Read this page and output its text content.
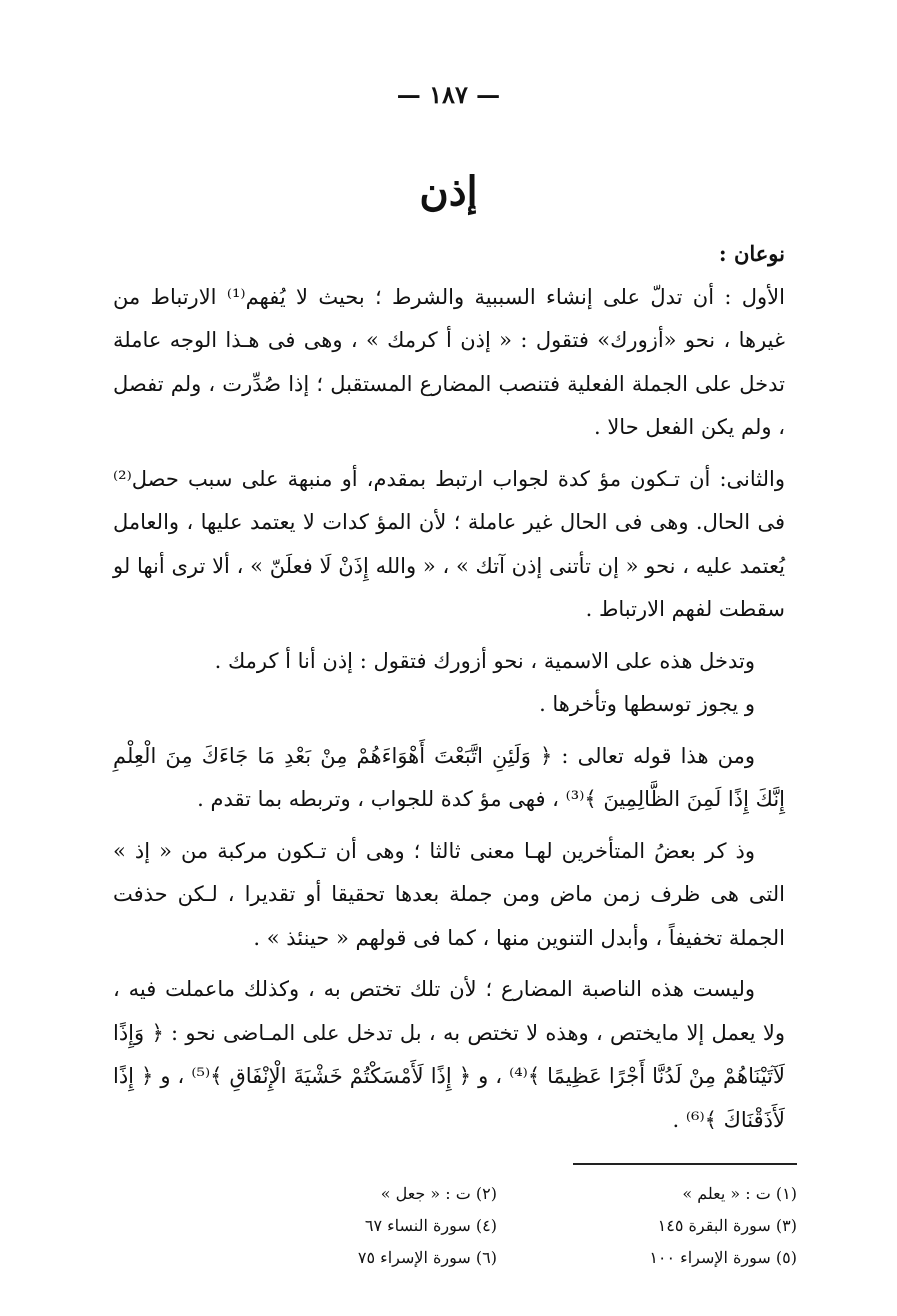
— ١٨٧ —
إذن

نوعان :

الأول : أن تدلّ على إنشاء السببية والشرط ؛ بحيث لا يُفهم⁽¹⁾ الارتباط من غيرها ، نحو «أزورك» فتقول : « إذن أ كرمك » ، وهى فى هـذا الوجه عاملة تدخل على الجملة الفعلية فتنصب المضارع المستقبل ؛ إذا صُدِّرت ، ولم تفصل ، ولم يكن الفعل حالا .

والثانى: أن تـكون مؤ كدة لجواب ارتبط بمقدم، أو منبهة على سبب حصل⁽²⁾ فى الحال. وهى فى الحال غير عاملة ؛ لأن المؤ كدات لا يعتمد عليها ، والعامل يُعتمد عليه ، نحو « إن تأتنى إذن آتك » ، « والله إِذَنْ لَا فعلَنّ » ، ألا ترى أنها لو سقطت لفهم الارتباط .

وتدخل هذه على الاسمية ، نحو أزورك فتقول : إذن أنا أ كرمك .

و يجوز توسطها وتأخرها .

ومن هذا قوله تعالى : ﴿ وَلَئِنِ اتَّبَعْتَ أَهْوَاءَهُمْ مِنْ بَعْدِ مَا جَاءَكَ مِنَ الْعِلْمِ إِنَّكَ إِذًا لَمِنَ الظَّالِمِينَ ﴾⁽³⁾ ، فهى مؤ كدة للجواب ، وتربطه بما تقدم .

وذ كر بعضُ المتأخرين لهـا معنى ثالثا ؛ وهى أن تـكون مركبة من « إذ » التى هى ظرف زمن ماض ومن جملة بعدها تحقيقا أو تقديرا ، لـكن حذفت الجملة تخفيفاً ، وأبدل التنوين منها ، كما فى قولهم « حينئذ » .

وليست هذه الناصبة المضارع ؛ لأن تلك تختص به ، وكذلك ماعملت فيه ، ولا يعمل إلا مايختص ، وهذه لا تختص به ، بل تدخل على المـاضى نحو : ﴿ وَإِذًا لَآتَيْنَاهُمْ مِنْ لَدُنَّا أَجْرًا عَظِيمًا ﴾⁽⁴⁾ ، و ﴿ إِذًا لَأَمْسَكْتُمْ خَشْيَةَ الْإِنْفَاقِ ﴾⁽⁵⁾ ، و ﴿ إِذًا لَأَذَقْنَاكَ ﴾⁽⁶⁾ .

(١) ت : « يعلم »
(٢) ت : « جعل »
(٣) سورة البقرة ١٤٥
(٤) سورة النساء ٦٧
(٥) سورة الإسراء ١٠٠
(٦) سورة الإسراء ٧٥
